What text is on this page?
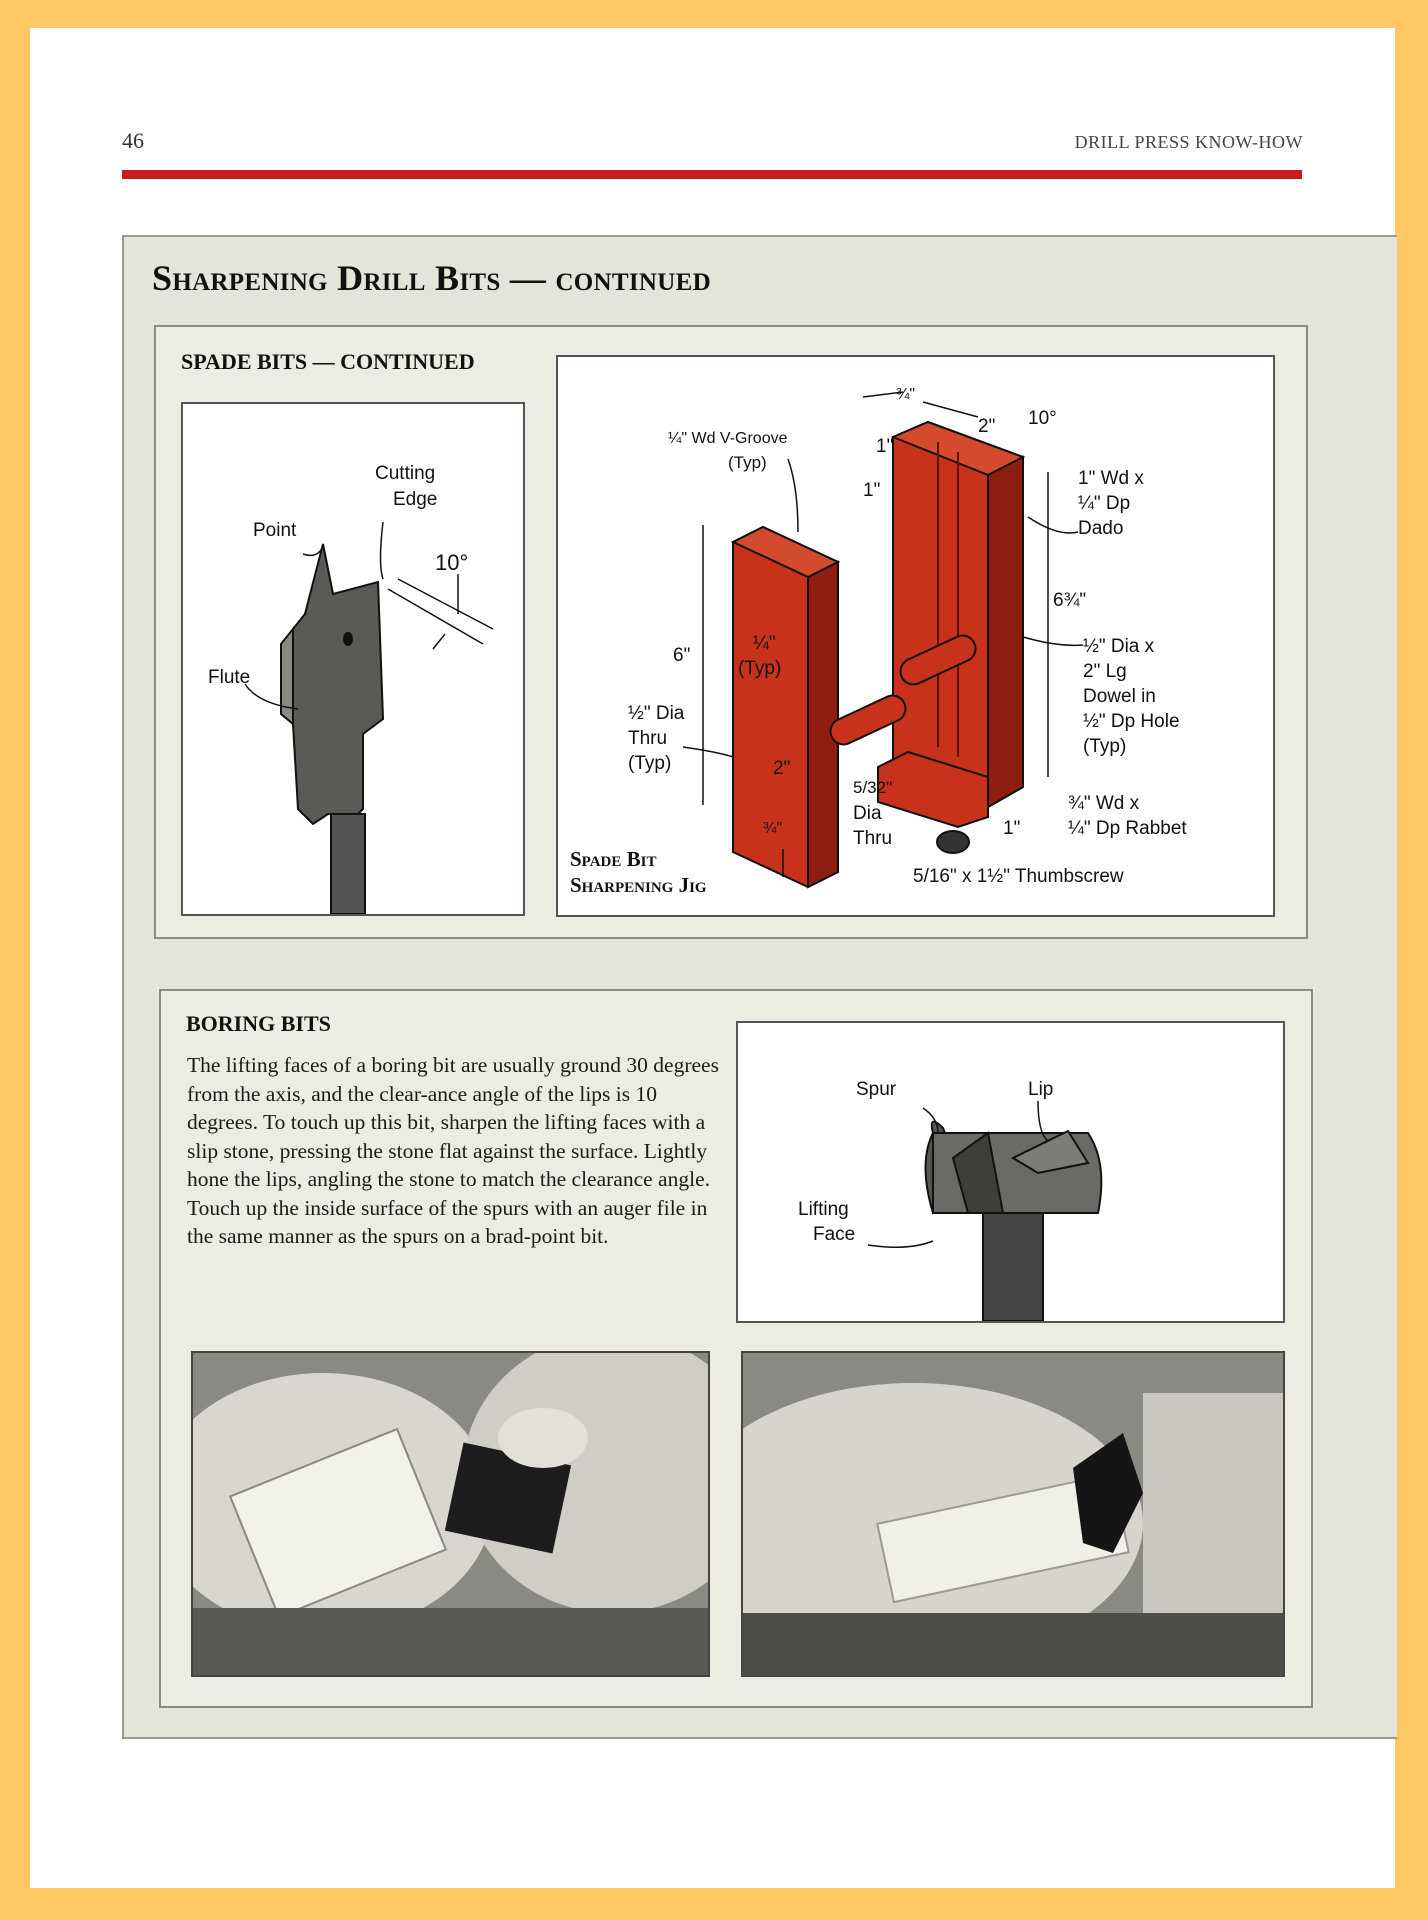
46	DRILL PRESS KNOW-HOW
Sharpening Drill Bits — continued
SPADE BITS — CONTINUED
Point
Cutting
Edge
10°
Flute
¼" Wd V-Groove
(Typ)
¾"
2" 10°
1"
1"
1" Wd x
¼" Dp
Dado
6"
6¾"
¼"
(Typ)
½" Dia
Thru
(Typ)	2"
¾"
½" Dia x
2" Lg
Dowel in
½" Dp Hole
(Typ)
5/32"
Dia
Thru	1"
¾" Wd x
¼" Dp Rabbet
5/16" x 1½" Thumbscrew
Spade Bit
Sharpening Jig
BORING BITS

The lifting faces of a boring bit are usually ground 30 degrees from the axis, and the clear-ance angle of the lips is 10 degrees. To touch up this bit, sharpen the lifting faces with a slip stone, pressing the stone flat against the surface. Lightly hone the lips, angling the stone to match the clearance angle. Touch up the inside surface of the spurs with an auger file in the same manner as the spurs on a brad-point bit.

Spur	Lip
Lifting
Face
